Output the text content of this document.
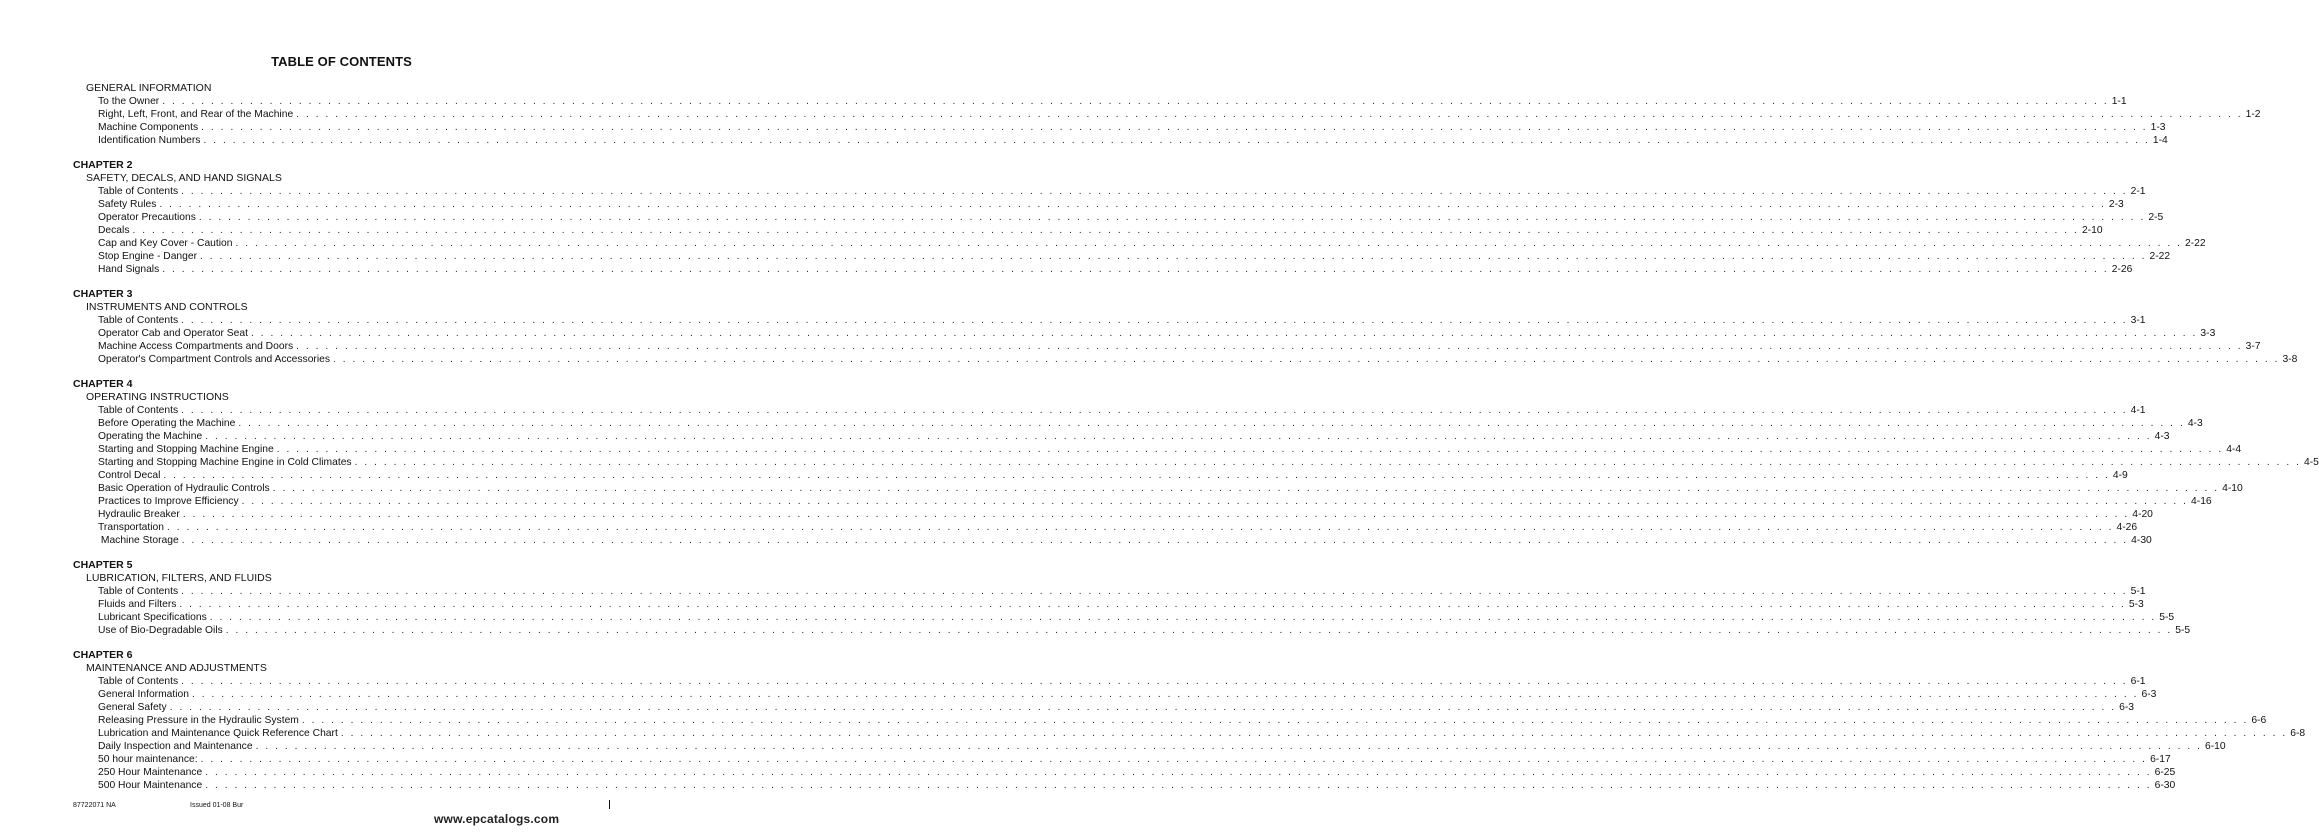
TABLE OF CONTENTS
GENERAL INFORMATION
To the Owner . . . . . . . . . . . . . . . . . . . . . . . . . . . . . . . . . . . . . . . . . . . . . . . . . . . . . . . . . . . . . . . . . . . . . . . . . . . . . . . . . . . . . . . . . . . . . . . . . . . . . . . . . . . . . . . . . . . . . . . . . . . . . . . . . . . . . . . . . . . . . . . . . . . . . . . . . . . . . . . . . . . . . . . . . . . . . . . . . . . . . . . . . . . . . . . . . . . . . . . . 1-1
Right, Left, Front, and Rear of the Machine . . . . . . . . . . . . . . . . . . . . . . . . . . . . . . . . . . . . . . . . . . . . . . . . . . . . . . . . . . . . . . . . . . . . . . . . . . . . . . . . . . . . . . . . . . . . . . . . . . . . . . . . . . . . . . . . . . . . . . . . . . . . . . . . . . . . . . . . . . . . . . . . . . . . . . . . . . . . . . . . . . . . . . . . . . . . . . . . . . . . . . . . . . . . . . . . . . . . . . . . 1-2
Machine Components . . . . . . . . . . . . . . . . . . . . . . . . . . . . . . . . . . . . . . . . . . . . . . . . . . . . . . . . . . . . . . . . . . . . . . . . . . . . . . . . . . . . . . . . . . . . . . . . . . . . . . . . . . . . . . . . . . . . . . . . . . . . . . . . . . . . . . . . . . . . . . . . . . . . . . . . . . . . . . . . . . . . . . . . . . . . . . . . . . . . . . . . . . . . . . . . . . . . . . . . 1-3
Identification Numbers . . . . . . . . . . . . . . . . . . . . . . . . . . . . . . . . . . . . . . . . . . . . . . . . . . . . . . . . . . . . . . . . . . . . . . . . . . . . . . . . . . . . . . . . . . . . . . . . . . . . . . . . . . . . . . . . . . . . . . . . . . . . . . . . . . . . . . . . . . . . . . . . . . . . . . . . . . . . . . . . . . . . . . . . . . . . . . . . . . . . . . . . . . . . . . . . . . . . . . . . 1-4
CHAPTER 2
SAFETY, DECALS, AND HAND SIGNALS
Table of Contents . . . . . . . . . . . . . . . . . . . . . . . . . . . . . . . . . . . . . . . . . . . . . . . . . . . . . . . . . . . . . . . . . . . . . . . . . . . . . . . . . . . . . . . . . . . . . . . . . . . . . . . . . . . . . . . . . . . . . . . . . . . . . . . . . . . . . . . . . . . . . . . . . . . . . . . . . . . . . . . . . . . . . . . . . . . . . . . . . . . . . . . . . . . . . . . . . . . . . . . . 2-1
Safety Rules . . . . . . . . . . . . . . . . . . . . . . . . . . . . . . . . . . . . . . . . . . . . . . . . . . . . . . . . . . . . . . . . . . . . . . . . . . . . . . . . . . . . . . . . . . . . . . . . . . . . . . . . . . . . . . . . . . . . . . . . . . . . . . . . . . . . . . . . . . . . . . . . . . . . . . . . . . . . . . . . . . . . . . . . . . . . . . . . . . . . . . . . . . . . . . . . . . . . . . . . 2-3
Operator Precautions . . . . . . . . . . . . . . . . . . . . . . . . . . . . . . . . . . . . . . . . . . . . . . . . . . . . . . . . . . . . . . . . . . . . . . . . . . . . . . . . . . . . . . . . . . . . . . . . . . . . . . . . . . . . . . . . . . . . . . . . . . . . . . . . . . . . . . . . . . . . . . . . . . . . . . . . . . . . . . . . . . . . . . . . . . . . . . . . . . . . . . . . . . . . . . . . . . . . . . . . 2-5
Decals . . . . . . . . . . . . . . . . . . . . . . . . . . . . . . . . . . . . . . . . . . . . . . . . . . . . . . . . . . . . . . . . . . . . . . . . . . . . . . . . . . . . . . . . . . . . . . . . . . . . . . . . . . . . . . . . . . . . . . . . . . . . . . . . . . . . . . . . . . . . . . . . . . . . . . . . . . . . . . . . . . . . . . . . . . . . . . . . . . . . . . . . . . . . . . . . . . . . . . . . 2-10
Cap and Key Cover - Caution . . . . . . . . . . . . . . . . . . . . . . . . . . . . . . . . . . . . . . . . . . . . . . . . . . . . . . . . . . . . . . . . . . . . . . . . . . . . . . . . . . . . . . . . . . . . . . . . . . . . . . . . . . . . . . . . . . . . . . . . . . . . . . . . . . . . . . . . . . . . . . . . . . . . . . . . . . . . . . . . . . . . . . . . . . . . . . . . . . . . . . . . . . . . . . . . . . . . . . . . 2-22
Stop Engine - Danger . . . . . . . . . . . . . . . . . . . . . . . . . . . . . . . . . . . . . . . . . . . . . . . . . . . . . . . . . . . . . . . . . . . . . . . . . . . . . . . . . . . . . . . . . . . . . . . . . . . . . . . . . . . . . . . . . . . . . . . . . . . . . . . . . . . . . . . . . . . . . . . . . . . . . . . . . . . . . . . . . . . . . . . . . . . . . . . . . . . . . . . . . . . . . . . . . . . . . . . . 2-22
Hand Signals . . . . . . . . . . . . . . . . . . . . . . . . . . . . . . . . . . . . . . . . . . . . . . . . . . . . . . . . . . . . . . . . . . . . . . . . . . . . . . . . . . . . . . . . . . . . . . . . . . . . . . . . . . . . . . . . . . . . . . . . . . . . . . . . . . . . . . . . . . . . . . . . . . . . . . . . . . . . . . . . . . . . . . . . . . . . . . . . . . . . . . . . . . . . . . . . . . . . . . . . 2-26
CHAPTER 3
INSTRUMENTS AND CONTROLS
Table of Contents . . . . . . . . . . . . . . . . . . . . . . . . . . . . . . . . . . . . . . . . . . . . . . . . . . . . . . . . . . . . . . . . . . . . . . . . . . . . . . . . . . . . . . . . . . . . . . . . . . . . . . . . . . . . . . . . . . . . . . . . . . . . . . . . . . . . . . . . . . . . . . . . . . . . . . . . . . . . . . . . . . . . . . . . . . . . . . . . . . . . . . . . . . . . . . . . . . . . . . . . 3-1
Operator Cab and Operator Seat . . . . . . . . . . . . . . . . . . . . . . . . . . . . . . . . . . . . . . . . . . . . . . . . . . . . . . . . . . . . . . . . . . . . . . . . . . . . . . . . . . . . . . . . . . . . . . . . . . . . . . . . . . . . . . . . . . . . . . . . . . . . . . . . . . . . . . . . . . . . . . . . . . . . . . . . . . . . . . . . . . . . . . . . . . . . . . . . . . . . . . . . . . . . . . . . . . . . . . . . 3-3
Machine Access Compartments and Doors . . . . . . . . . . . . . . . . . . . . . . . . . . . . . . . . . . . . . . . . . . . . . . . . . . . . . . . . . . . . . . . . . . . . . . . . . . . . . . . . . . . . . . . . . . . . . . . . . . . . . . . . . . . . . . . . . . . . . . . . . . . . . . . . . . . . . . . . . . . . . . . . . . . . . . . . . . . . . . . . . . . . . . . . . . . . . . . . . . . . . . . . . . . . . . . . . . . . . . . . 3-7
Operator's Compartment Controls and Accessories . . . . . . . . . . . . . . . . . . . . . . . . . . . . . . . . . . . . . . . . . . . . . . . . . . . . . . . . . . . . . . . . . . . . . . . . . . . . . . . . . . . . . . . . . . . . . . . . . . . . . . . . . . . . . . . . . . . . . . . . . . . . . . . . . . . . . . . . . . . . . . . . . . . . . . . . . . . . . . . . . . . . . . . . . . . . . . . . . . . . . . . . . . . . . . . . . . . . . . . . 3-8
CHAPTER 4
OPERATING INSTRUCTIONS
Table of Contents . . . . . . . . . . . . . . . . . . . . . . . . . . . . . . . . . . . . . . . . . . . . . . . . . . . . . . . . . . . . . . . . . . . . . . . . . . . . . . . . . . . . . . . . . . . . . . . . . . . . . . . . . . . . . . . . . . . . . . . . . . . . . . . . . . . . . . . . . . . . . . . . . . . . . . . . . . . . . . . . . . . . . . . . . . . . . . . . . . . . . . . . . . . . . . . . . . . . . . . . 4-1
Before Operating the Machine . . . . . . . . . . . . . . . . . . . . . . . . . . . . . . . . . . . . . . . . . . . . . . . . . . . . . . . . . . . . . . . . . . . . . . . . . . . . . . . . . . . . . . . . . . . . . . . . . . . . . . . . . . . . . . . . . . . . . . . . . . . . . . . . . . . . . . . . . . . . . . . . . . . . . . . . . . . . . . . . . . . . . . . . . . . . . . . . . . . . . . . . . . . . . . . . . . . . . . . . 4-3
Operating the Machine . . . . . . . . . . . . . . . . . . . . . . . . . . . . . . . . . . . . . . . . . . . . . . . . . . . . . . . . . . . . . . . . . . . . . . . . . . . . . . . . . . . . . . . . . . . . . . . . . . . . . . . . . . . . . . . . . . . . . . . . . . . . . . . . . . . . . . . . . . . . . . . . . . . . . . . . . . . . . . . . . . . . . . . . . . . . . . . . . . . . . . . . . . . . . . . . . . . . . . . . 4-3
Starting and Stopping Machine Engine . . . . . . . . . . . . . . . . . . . . . . . . . . . . . . . . . . . . . . . . . . . . . . . . . . . . . . . . . . . . . . . . . . . . . . . . . . . . . . . . . . . . . . . . . . . . . . . . . . . . . . . . . . . . . . . . . . . . . . . . . . . . . . . . . . . . . . . . . . . . . . . . . . . . . . . . . . . . . . . . . . . . . . . . . . . . . . . . . . . . . . . . . . . . . . . . . . . . . . . . 4-4
Starting and Stopping Machine Engine in Cold Climates . . . . . . . . . . . . . . . . . . . . . . . . . . . . . . . . . . . . . . . . . . . . . . . . . . . . . . . . . . . . . . . . . . . . . . . . . . . . . . . . . . . . . . . . . . . . . . . . . . . . . . . . . . . . . . . . . . . . . . . . . . . . . . . . . . . . . . . . . . . . . . . . . . . . . . . . . . . . . . . . . . . . . . . . . . . . . . . . . . . . . . . . . . . . . . . . . . . . . . . . 4-5
Control Decal . . . . . . . . . . . . . . . . . . . . . . . . . . . . . . . . . . . . . . . . . . . . . . . . . . . . . . . . . . . . . . . . . . . . . . . . . . . . . . . . . . . . . . . . . . . . . . . . . . . . . . . . . . . . . . . . . . . . . . . . . . . . . . . . . . . . . . . . . . . . . . . . . . . . . . . . . . . . . . . . . . . . . . . . . . . . . . . . . . . . . . . . . . . . . . . . . . . . . . . . 4-9
Basic Operation of Hydraulic Controls . . . . . . . . . . . . . . . . . . . . . . . . . . . . . . . . . . . . . . . . . . . . . . . . . . . . . . . . . . . . . . . . . . . . . . . . . . . . . . . . . . . . . . . . . . . . . . . . . . . . . . . . . . . . . . . . . . . . . . . . . . . . . . . . . . . . . . . . . . . . . . . . . . . . . . . . . . . . . . . . . . . . . . . . . . . . . . . . . . . . . . . . . . . . . . . . . . . . . . . . 4-10
Practices to Improve Efficiency . . . . . . . . . . . . . . . . . . . . . . . . . . . . . . . . . . . . . . . . . . . . . . . . . . . . . . . . . . . . . . . . . . . . . . . . . . . . . . . . . . . . . . . . . . . . . . . . . . . . . . . . . . . . . . . . . . . . . . . . . . . . . . . . . . . . . . . . . . . . . . . . . . . . . . . . . . . . . . . . . . . . . . . . . . . . . . . . . . . . . . . . . . . . . . . . . . . . . . . . 4-16
Hydraulic Breaker . . . . . . . . . . . . . . . . . . . . . . . . . . . . . . . . . . . . . . . . . . . . . . . . . . . . . . . . . . . . . . . . . . . . . . . . . . . . . . . . . . . . . . . . . . . . . . . . . . . . . . . . . . . . . . . . . . . . . . . . . . . . . . . . . . . . . . . . . . . . . . . . . . . . . . . . . . . . . . . . . . . . . . . . . . . . . . . . . . . . . . . . . . . . . . . . . . . . . . . . 4-20
Transportation . . . . . . . . . . . . . . . . . . . . . . . . . . . . . . . . . . . . . . . . . . . . . . . . . . . . . . . . . . . . . . . . . . . . . . . . . . . . . . . . . . . . . . . . . . . . . . . . . . . . . . . . . . . . . . . . . . . . . . . . . . . . . . . . . . . . . . . . . . . . . . . . . . . . . . . . . . . . . . . . . . . . . . . . . . . . . . . . . . . . . . . . . . . . . . . . . . . . . . . . 4-26
Machine Storage . . . . . . . . . . . . . . . . . . . . . . . . . . . . . . . . . . . . . . . . . . . . . . . . . . . . . . . . . . . . . . . . . . . . . . . . . . . . . . . . . . . . . . . . . . . . . . . . . . . . . . . . . . . . . . . . . . . . . . . . . . . . . . . . . . . . . . . . . . . . . . . . . . . . . . . . . . . . . . . . . . . . . . . . . . . . . . . . . . . . . . . . . . . . . . . . . . . . . . . . 4-30
CHAPTER 5
LUBRICATION, FILTERS, AND FLUIDS
Table of Contents . . . . . . . . . . . . . . . . . . . . . . . . . . . . . . . . . . . . . . . . . . . . . . . . . . . . . . . . . . . . . . . . . . . . . . . . . . . . . . . . . . . . . . . . . . . . . . . . . . . . . . . . . . . . . . . . . . . . . . . . . . . . . . . . . . . . . . . . . . . . . . . . . . . . . . . . . . . . . . . . . . . . . . . . . . . . . . . . . . . . . . . . . . . . . . . . . . . . . . . . 5-1
Fluids and Filters . . . . . . . . . . . . . . . . . . . . . . . . . . . . . . . . . . . . . . . . . . . . . . . . . . . . . . . . . . . . . . . . . . . . . . . . . . . . . . . . . . . . . . . . . . . . . . . . . . . . . . . . . . . . . . . . . . . . . . . . . . . . . . . . . . . . . . . . . . . . . . . . . . . . . . . . . . . . . . . . . . . . . . . . . . . . . . . . . . . . . . . . . . . . . . . . . . . . . . . . 5-3
Lubricant Specifications . . . . . . . . . . . . . . . . . . . . . . . . . . . . . . . . . . . . . . . . . . . . . . . . . . . . . . . . . . . . . . . . . . . . . . . . . . . . . . . . . . . . . . . . . . . . . . . . . . . . . . . . . . . . . . . . . . . . . . . . . . . . . . . . . . . . . . . . . . . . . . . . . . . . . . . . . . . . . . . . . . . . . . . . . . . . . . . . . . . . . . . . . . . . . . . . . . . . . . . . 5-5
Use of Bio-Degradable Oils . . . . . . . . . . . . . . . . . . . . . . . . . . . . . . . . . . . . . . . . . . . . . . . . . . . . . . . . . . . . . . . . . . . . . . . . . . . . . . . . . . . . . . . . . . . . . . . . . . . . . . . . . . . . . . . . . . . . . . . . . . . . . . . . . . . . . . . . . . . . . . . . . . . . . . . . . . . . . . . . . . . . . . . . . . . . . . . . . . . . . . . . . . . . . . . . . . . . . . . . 5-5
CHAPTER 6
MAINTENANCE AND ADJUSTMENTS
Table of Contents . . . . . . . . . . . . . . . . . . . . . . . . . . . . . . . . . . . . . . . . . . . . . . . . . . . . . . . . . . . . . . . . . . . . . . . . . . . . . . . . . . . . . . . . . . . . . . . . . . . . . . . . . . . . . . . . . . . . . . . . . . . . . . . . . . . . . . . . . . . . . . . . . . . . . . . . . . . . . . . . . . . . . . . . . . . . . . . . . . . . . . . . . . . . . . . . . . . . . . . . 6-1
General Information . . . . . . . . . . . . . . . . . . . . . . . . . . . . . . . . . . . . . . . . . . . . . . . . . . . . . . . . . . . . . . . . . . . . . . . . . . . . . . . . . . . . . . . . . . . . . . . . . . . . . . . . . . . . . . . . . . . . . . . . . . . . . . . . . . . . . . . . . . . . . . . . . . . . . . . . . . . . . . . . . . . . . . . . . . . . . . . . . . . . . . . . . . . . . . . . . . . . . . . . 6-3
General Safety . . . . . . . . . . . . . . . . . . . . . . . . . . . . . . . . . . . . . . . . . . . . . . . . . . . . . . . . . . . . . . . . . . . . . . . . . . . . . . . . . . . . . . . . . . . . . . . . . . . . . . . . . . . . . . . . . . . . . . . . . . . . . . . . . . . . . . . . . . . . . . . . . . . . . . . . . . . . . . . . . . . . . . . . . . . . . . . . . . . . . . . . . . . . . . . . . . . . . . . . 6-3
Releasing Pressure in the Hydraulic System . . . . . . . . . . . . . . . . . . . . . . . . . . . . . . . . . . . . . . . . . . . . . . . . . . . . . . . . . . . . . . . . . . . . . . . . . . . . . . . . . . . . . . . . . . . . . . . . . . . . . . . . . . . . . . . . . . . . . . . . . . . . . . . . . . . . . . . . . . . . . . . . . . . . . . . . . . . . . . . . . . . . . . . . . . . . . . . . . . . . . . . . . . . . . . . . . . . . . . . . 6-6
Lubrication and Maintenance Quick Reference Chart . . . . . . . . . . . . . . . . . . . . . . . . . . . . . . . . . . . . . . . . . . . . . . . . . . . . . . . . . . . . . . . . . . . . . . . . . . . . . . . . . . . . . . . . . . . . . . . . . . . . . . . . . . . . . . . . . . . . . . . . . . . . . . . . . . . . . . . . . . . . . . . . . . . . . . . . . . . . . . . . . . . . . . . . . . . . . . . . . . . . . . . . . . . . . . . . . . . . . . . . 6-8
Daily Inspection and Maintenance . . . . . . . . . . . . . . . . . . . . . . . . . . . . . . . . . . . . . . . . . . . . . . . . . . . . . . . . . . . . . . . . . . . . . . . . . . . . . . . . . . . . . . . . . . . . . . . . . . . . . . . . . . . . . . . . . . . . . . . . . . . . . . . . . . . . . . . . . . . . . . . . . . . . . . . . . . . . . . . . . . . . . . . . . . . . . . . . . . . . . . . . . . . . . . . . . . . . . . . . 6-10
50 hour maintenance: . . . . . . . . . . . . . . . . . . . . . . . . . . . . . . . . . . . . . . . . . . . . . . . . . . . . . . . . . . . . . . . . . . . . . . . . . . . . . . . . . . . . . . . . . . . . . . . . . . . . . . . . . . . . . . . . . . . . . . . . . . . . . . . . . . . . . . . . . . . . . . . . . . . . . . . . . . . . . . . . . . . . . . . . . . . . . . . . . . . . . . . . . . . . . . . . . . . . . . . . 6-17
250 Hour Maintenance . . . . . . . . . . . . . . . . . . . . . . . . . . . . . . . . . . . . . . . . . . . . . . . . . . . . . . . . . . . . . . . . . . . . . . . . . . . . . . . . . . . . . . . . . . . . . . . . . . . . . . . . . . . . . . . . . . . . . . . . . . . . . . . . . . . . . . . . . . . . . . . . . . . . . . . . . . . . . . . . . . . . . . . . . . . . . . . . . . . . . . . . . . . . . . . . . . . . . . . . 6-25
500 Hour Maintenance . . . . . . . . . . . . . . . . . . . . . . . . . . . . . . . . . . . . . . . . . . . . . . . . . . . . . . . . . . . . . . . . . . . . . . . . . . . . . . . . . . . . . . . . . . . . . . . . . . . . . . . . . . . . . . . . . . . . . . . . . . . . . . . . . . . . . . . . . . . . . . . . . . . . . . . . . . . . . . . . . . . . . . . . . . . . . . . . . . . . . . . . . . . . . . . . . . . . . . . . 6-30
87722071 NA	Issued 01-08 Bur
www.epcatalogs.com
